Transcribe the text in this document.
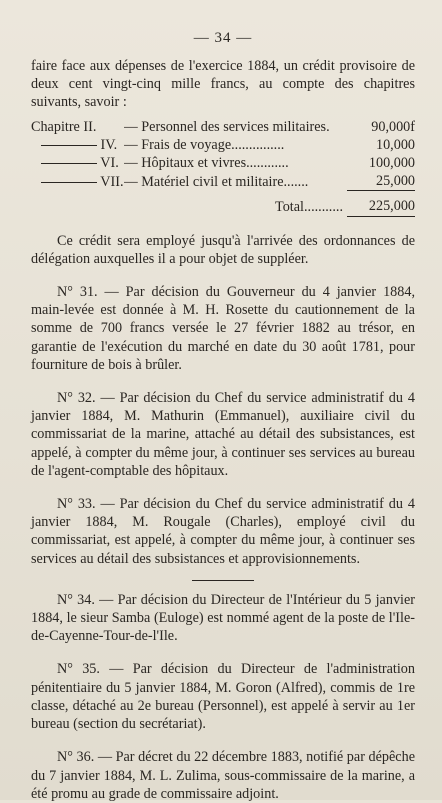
— 34 —

faire face aux dépenses de l'exercice 1884, un crédit provisoire de deux cent vingt-cinq mille francs, au compte des chapitres suivants, savoir :

Chapitre II.	— Personnel des services militaires.	90,000f
IV.	— Frais de voyage...............	10,000
VI.	— Hôpitaux et vivres............	100,000
VII.	— Matériel civil et militaire.......	25,000
	Total...........	225,000

Ce crédit sera employé jusqu'à l'arrivée des ordonnances de délégation auxquelles il a pour objet de suppléer.

N° 31. — Par décision du Gouverneur du 4 janvier 1884, main-levée est donnée à M. H. Rosette du cautionnement de la somme de 700 francs versée le 27 février 1882 au trésor, en garantie de l'exécution du marché en date du 30 août 1781, pour fourniture de bois à brûler.

N° 32. — Par décision du Chef du service administratif du 4 janvier 1884, M. Mathurin (Emmanuel), auxiliaire civil du commissariat de la marine, attaché au détail des subsistances, est appelé, à compter du même jour, à continuer ses services au bureau de l'agent-comptable des hôpitaux.

N° 33. — Par décision du Chef du service administratif du 4 janvier 1884, M. Rougale (Charles), employé civil du commissariat, est appelé, à compter du même jour, à continuer ses services au détail des subsistances et approvisionnements.

N° 34. — Par décision du Directeur de l'Intérieur du 5 janvier 1884, le sieur Samba (Euloge) est nommé agent de la poste de l'Ile-de-Cayenne-Tour-de-l'Ile.

N° 35. — Par décision du Directeur de l'administration pénitentiaire du 5 janvier 1884, M. Goron (Alfred), commis de 1re classe, détaché au 2e bureau (Personnel), est appelé à servir au 1er bureau (section du secrétariat).

N° 36. — Par décret du 22 décembre 1883, notifié par dépêche du 7 janvier 1884, M. L. Zulima, sous-commissaire de la marine, a été promu au grade de commissaire adjoint.
